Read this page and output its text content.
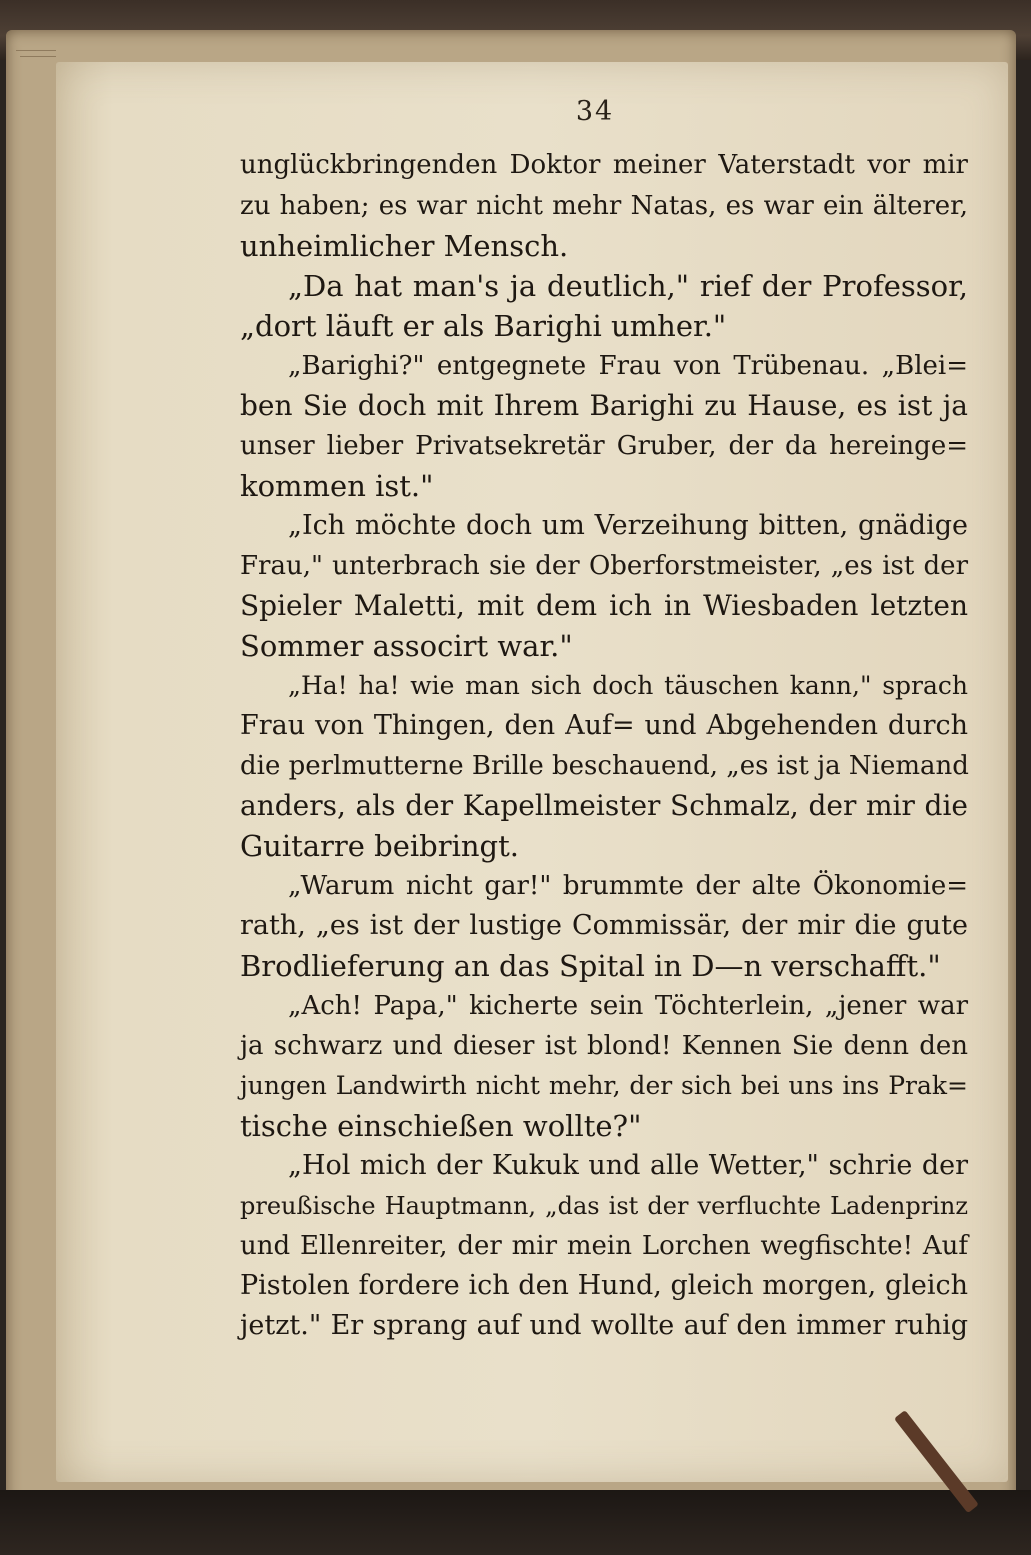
34
unglückbringenden Doktor meiner Vaterstadt vor mir
zu haben; es war nicht mehr Natas, es war ein älterer,
unheimlicher Mensch.
„Da hat man's ja deutlich," rief der Professor,
„dort läuft er als Barighi umher."
„Barighi?" entgegnete Frau von Trübenau. „Blei=
ben Sie doch mit Ihrem Barighi zu Hause, es ist ja
unser lieber Privatsekretär Gruber, der da hereinge=
kommen ist."
„Ich möchte doch um Verzeihung bitten, gnädige
Frau," unterbrach sie der Oberforstmeister, „es ist der
Spieler Maletti, mit dem ich in Wiesbaden letzten
Sommer associrt war."
„Ha! ha! wie man sich doch täuschen kann," sprach
Frau von Thingen, den Auf= und Abgehenden durch
die perlmutterne Brille beschauend, „es ist ja Niemand
anders, als der Kapellmeister Schmalz, der mir die
Guitarre beibringt.
„Warum nicht gar!" brummte der alte Ökonomie=
rath, „es ist der lustige Commissär, der mir die gute
Brodlieferung an das Spital in D—n verschafft."
„Ach! Papa," kicherte sein Töchterlein, „jener war
ja schwarz und dieser ist blond! Kennen Sie denn den
jungen Landwirth nicht mehr, der sich bei uns ins Prak=
tische einschießen wollte?"
„Hol mich der Kukuk und alle Wetter," schrie der
preußische Hauptmann, „das ist der verfluchte Ladenprinz
und Ellenreiter, der mir mein Lorchen wegfischte! Auf
Pistolen fordere ich den Hund, gleich morgen, gleich
jetzt." Er sprang auf und wollte auf den immer ruhig
